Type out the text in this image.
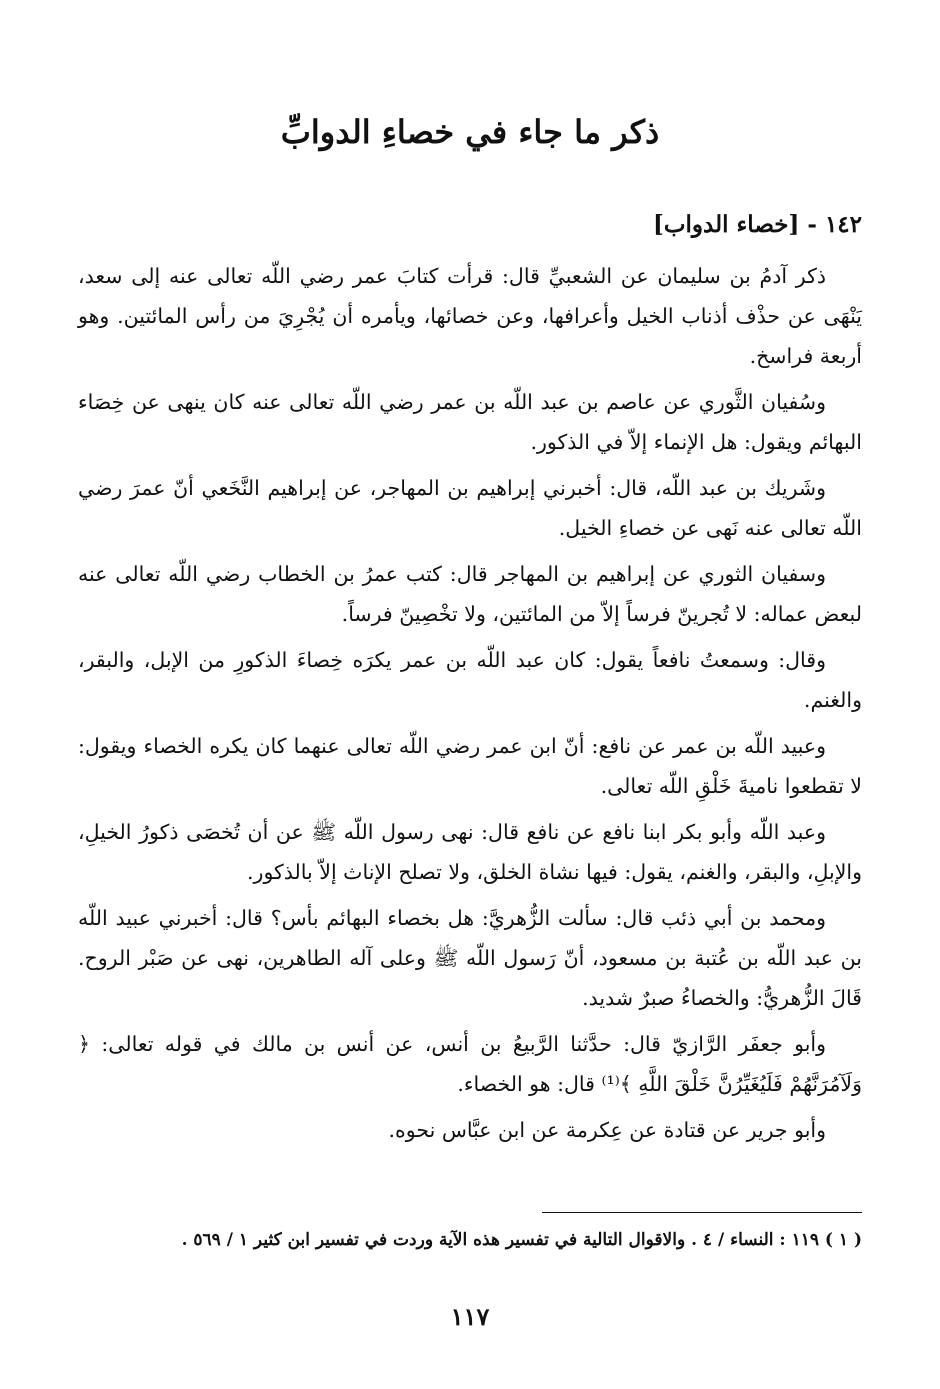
ذكر ما جاء في خصاءِ الدوابِّ
١٤٢ - [خصاء الدواب]

ذكر آدمُ بن سليمان عن الشعبيِّ قال: قرأت كتابَ عمر رضي اللّه تعالى عنه إلى سعد، يَنْهَى عن حذْف أذناب الخيل وأعرافها، وعن خصائها، ويأمره أن يُجْرِيَ من رأس المائتين. وهو أربعة فراسخ.

وسُفيان الثَّوري عن عاصم بن عبد اللّه بن عمر رضي اللّه تعالى عنه كان ينهى عن خِصَاء البهائم ويقول: هل الإنماء إلاّ في الذكور.

وشَريك بن عبد اللّه، قال: أخبرني إبراهيم بن المهاجر، عن إبراهيم النَّخَعي أنّ عمرَ رضي اللّه تعالى عنه نَهى عن خصاءِ الخيل.

وسفيان الثوري عن إبراهيم بن المهاجر قال: كتب عمرُ بن الخطاب رضي اللّه تعالى عنه لبعض عماله: لا تُجرينّ فرساً إلاّ من المائتين، ولا تخْصِينّ فرساً.

وقال: وسمعتُ نافعاً يقول: كان عبد اللّه بن عمر يكرَه خِصاءَ الذكورِ من الإبل، والبقر، والغنم.

وعبيد اللّه بن عمر عن نافع: أنّ ابن عمر رضي اللّه تعالى عنهما كان يكره الخصاء ويقول: لا تقطعوا ناميةَ خَلْقِ اللّه تعالى.

وعبد اللّه وأبو بكر ابنا نافع عن نافع قال: نهى رسول اللّه ﷺ عن أن تُخصَى ذكورُ الخيلِ، والإبلِ، والبقر، والغنم، يقول: فيها نشاة الخلق، ولا تصلح الإناث إلاّ بالذكور.

ومحمد بن أبي ذئب قال: سألت الزُّهريَّ: هل بخصاء البهائم بأس؟ قال: أخبرني عبيد اللّه بن عبد اللّه بن عُتبة بن مسعود، أنّ رَسول اللّه ﷺ وعلى آله الطاهرين، نهى عن صَبْر الروح. قَالَ الزُّهريُّ: والخصاءُ صبرٌ شديد.

وأبو جعفَر الرَّازيّ قال: حدَّثنا الرَّبيعُ بن أنس، عن أنس بن مالك في قوله تعالى: ﴿ وَلَآمُرَنَّهُمْ فَلَيُغَيِّرُنَّ خَلْقَ اللَّهِ ﴾⁽¹⁾ قال: هو الخصاء.

وأبو جرير عن قتادة عن عِكرمة عن ابن عبَّاس نحوه.

( ١ ) ١١٩ : النساء / ٤ . والاقوال التالية في تفسير هذه الآية وردت في تفسير ابن كثير ١ / ٥٦٩ .

١١٧
